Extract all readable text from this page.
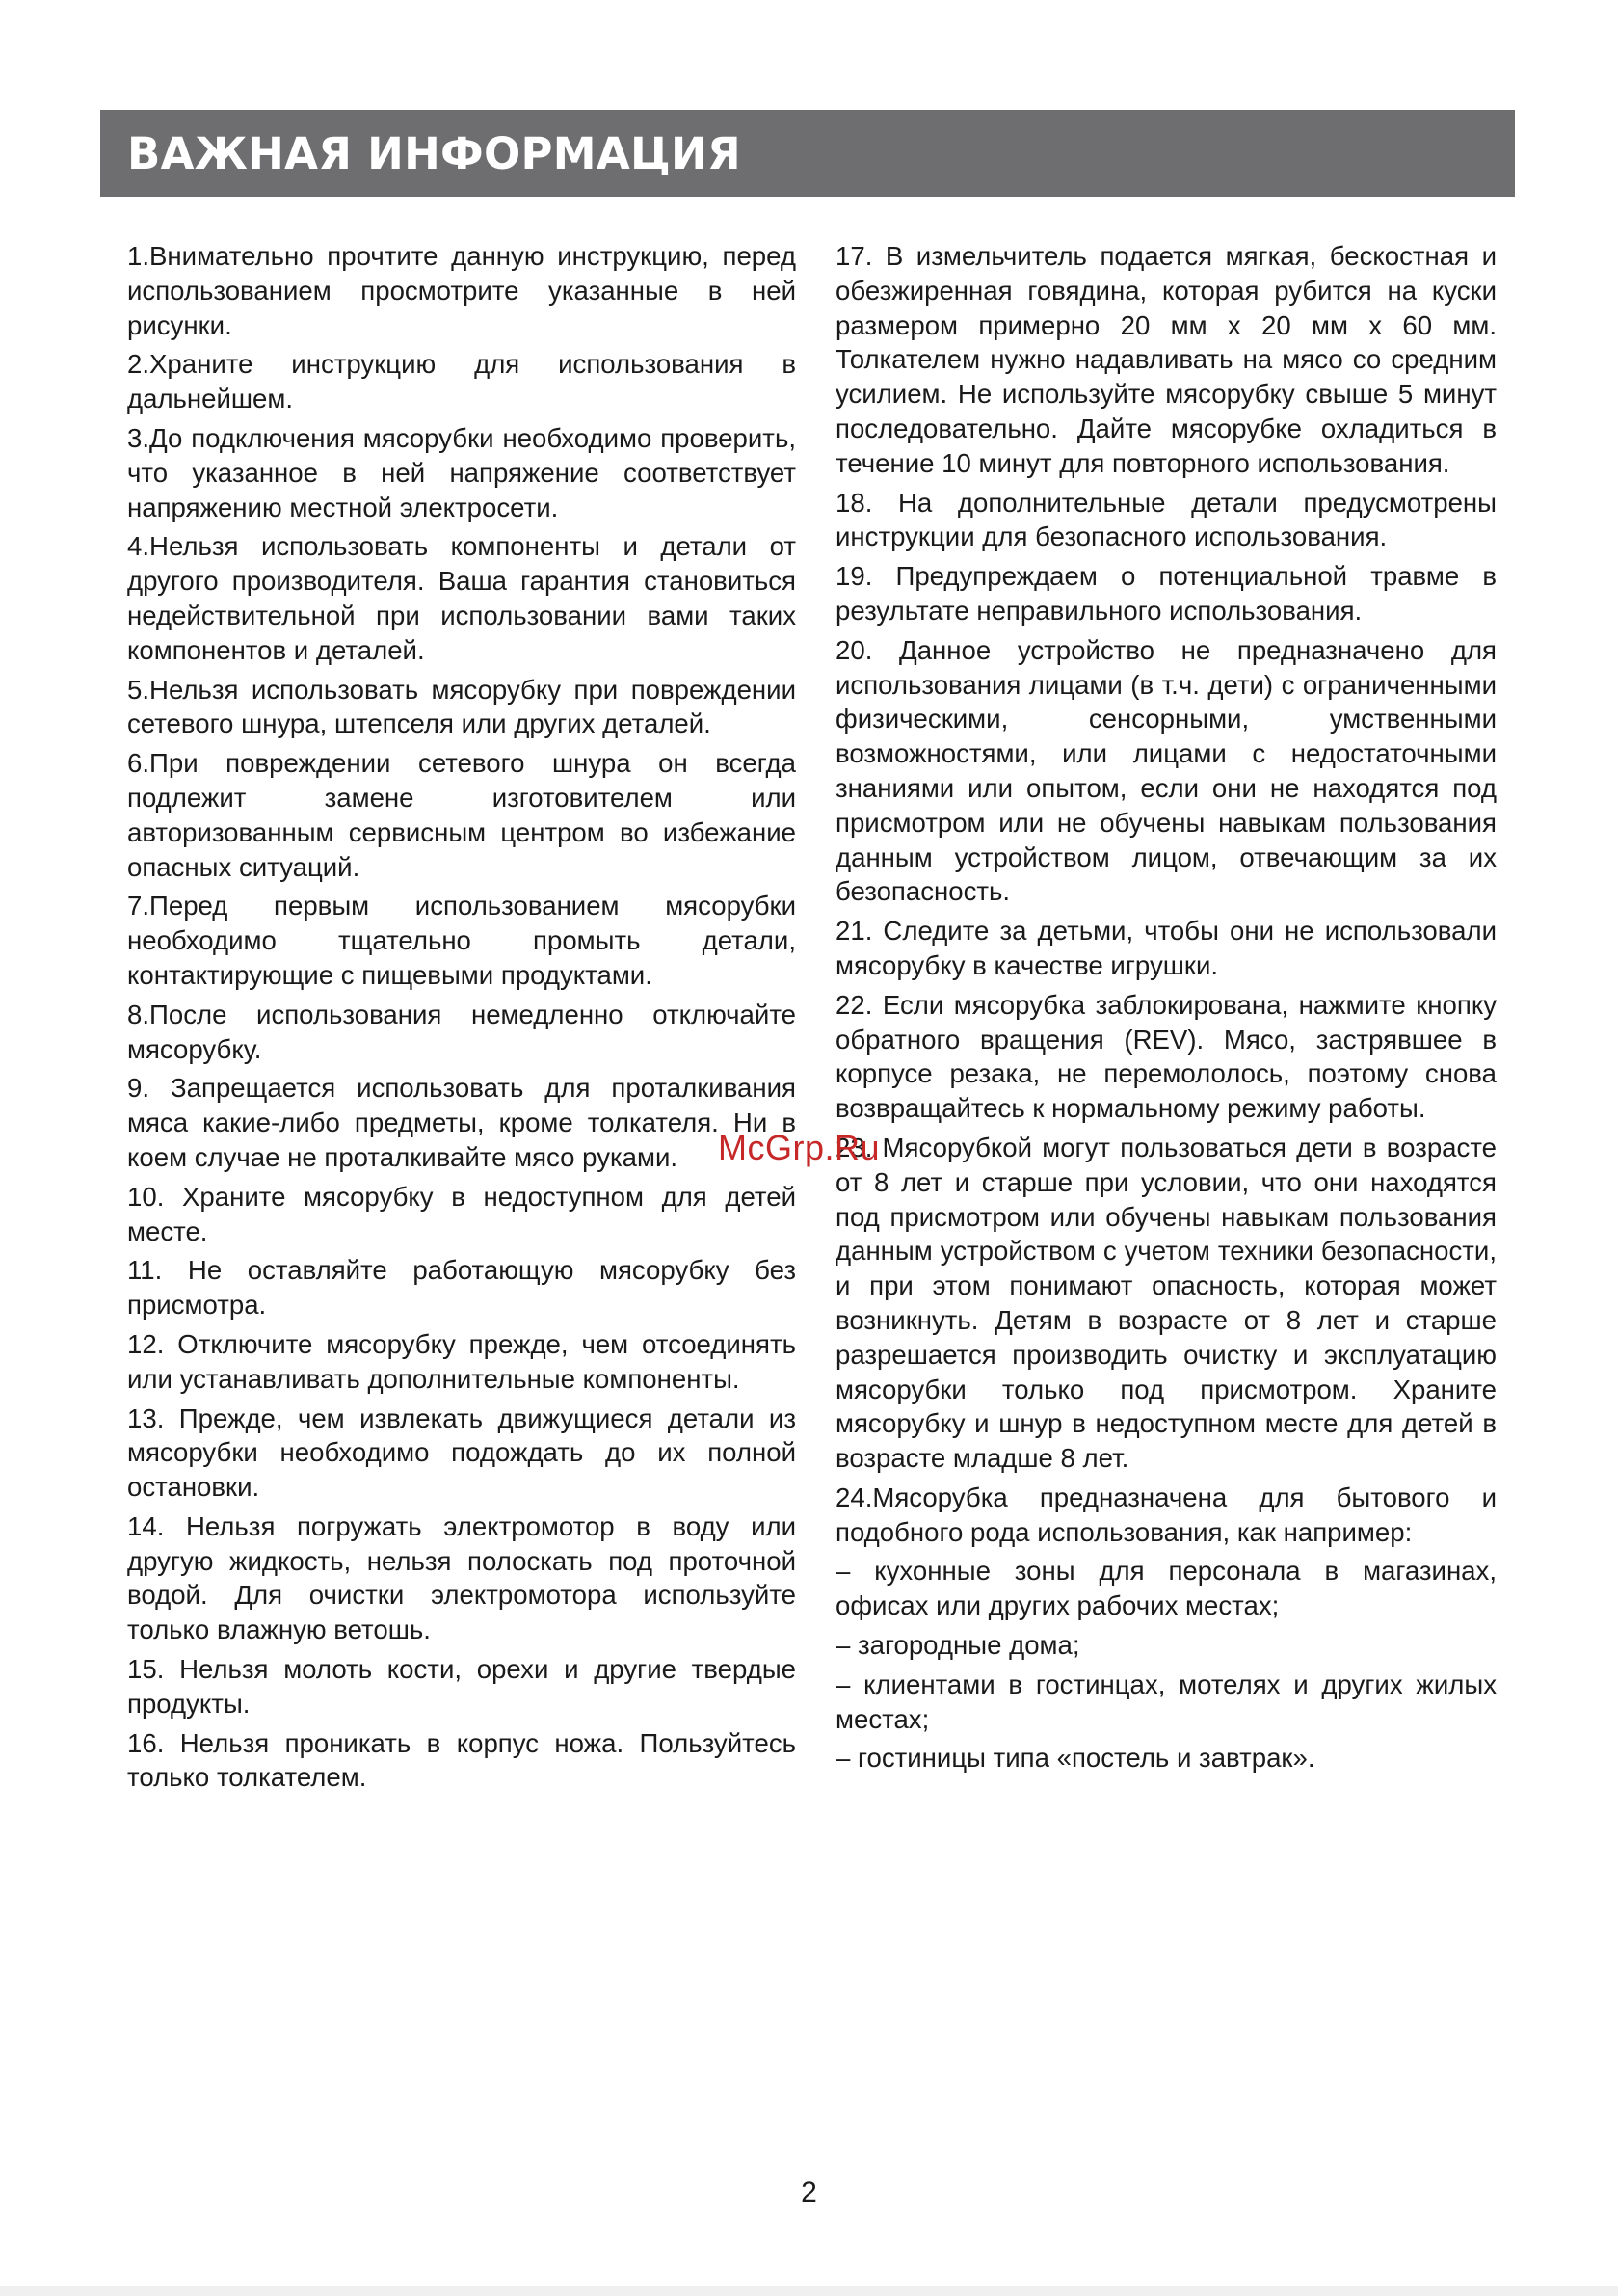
ВАЖНАЯ ИНФОРМАЦИЯ

1.Внимательно прочтите данную инструкцию, перед использованием просмотрите указанные в ней рисунки.

2.Храните инструкцию для использования в дальнейшем.

3.До подключения мясорубки необходимо проверить, что указанное в ней напряжение соответствует напряжению местной электросети.

4.Нельзя использовать компоненты и детали от другого производителя. Ваша гарантия становиться недействительной при использовании вами таких компонентов и деталей.

5.Нельзя использовать мясорубку при повреждении сетевого шнура, штепселя или других деталей.

6.При повреждении сетевого шнура он всегда подлежит замене изготовителем или авторизованным сервисным центром во избежание опасных ситуаций.

7.Перед первым использованием мясорубки необходимо тщательно промыть детали, контактирующие с пищевыми продуктами.

8.После использования немедленно отключайте мясорубку.

9. Запрещается использовать для проталкивания мяса какие-либо предметы, кроме толкателя. Ни в коем случае не проталкивайте мясо руками.

10. Храните мясорубку в недоступном для детей месте.

11. Не оставляйте работающую мясорубку без присмотра.

12. Отключите мясорубку прежде, чем отсоединять или устанавливать дополнительные компоненты.

13. Прежде, чем извлекать движущиеся детали из мясорубки необходимо подождать до их полной остановки.

14. Нельзя погружать электромотор в воду или другую жидкость, нельзя полоскать под проточной водой. Для очистки электромотора используйте только влажную ветошь.

15. Нельзя молоть кости, орехи и другие твердые продукты.

16. Нельзя проникать в корпус ножа. Пользуйтесь только толкателем.

17. В измельчитель подается мягкая, бескостная и обезжиренная говядина, которая рубится на куски размером примерно 20 мм x 20 мм x 60 мм. Толкателем нужно надавливать на мясо со средним усилием. Не используйте мясорубку свыше 5 минут последовательно. Дайте мясорубке охладиться в течение 10 минут для повторного использования.

18. На дополнительные детали предусмотрены инструкции для безопасного использования.

19. Предупреждаем о потенциальной травме в результате неправильного использования.

20. Данное устройство не предназначено для использования лицами (в т.ч. дети) с ограниченными физическими, сенсорными, умственными возможностями, или лицами с недостаточными знаниями или опытом, если они не находятся под присмотром или не обучены навыкам пользования данным устройством лицом, отвечающим за их безопасность.

21. Следите за детьми, чтобы они не использовали мясорубку в качестве игрушки.

22. Если мясорубка заблокирована, нажмите кнопку обратного вращения (REV). Мясо, застрявшее в корпусе резака, не перемололось, поэтому снова возвращайтесь к нормальному режиму работы.

23. Мясорубкой могут пользоваться дети в возрасте от 8 лет и старше при условии, что они находятся под присмотром или обучены навыкам пользования данным устройством с учетом техники безопасности, и при этом понимают опасность, которая может возникнуть. Детям в возрасте от 8 лет и старше разрешается производить очистку и эксплуатацию мясорубки только под присмотром. Храните мясорубку и шнур в недоступном месте для детей в возрасте младше 8 лет.

24.Мясорубка предназначена для бытового и подобного рода использования, как например:

– кухонные зоны для персонала в магазинах, офисах или других рабочих местах;

– загородные дома;

– клиентами в гостинцах, мотелях и других жилых местах;

– гостиницы типа «постель и завтрак».

McGrp.Ru
2
